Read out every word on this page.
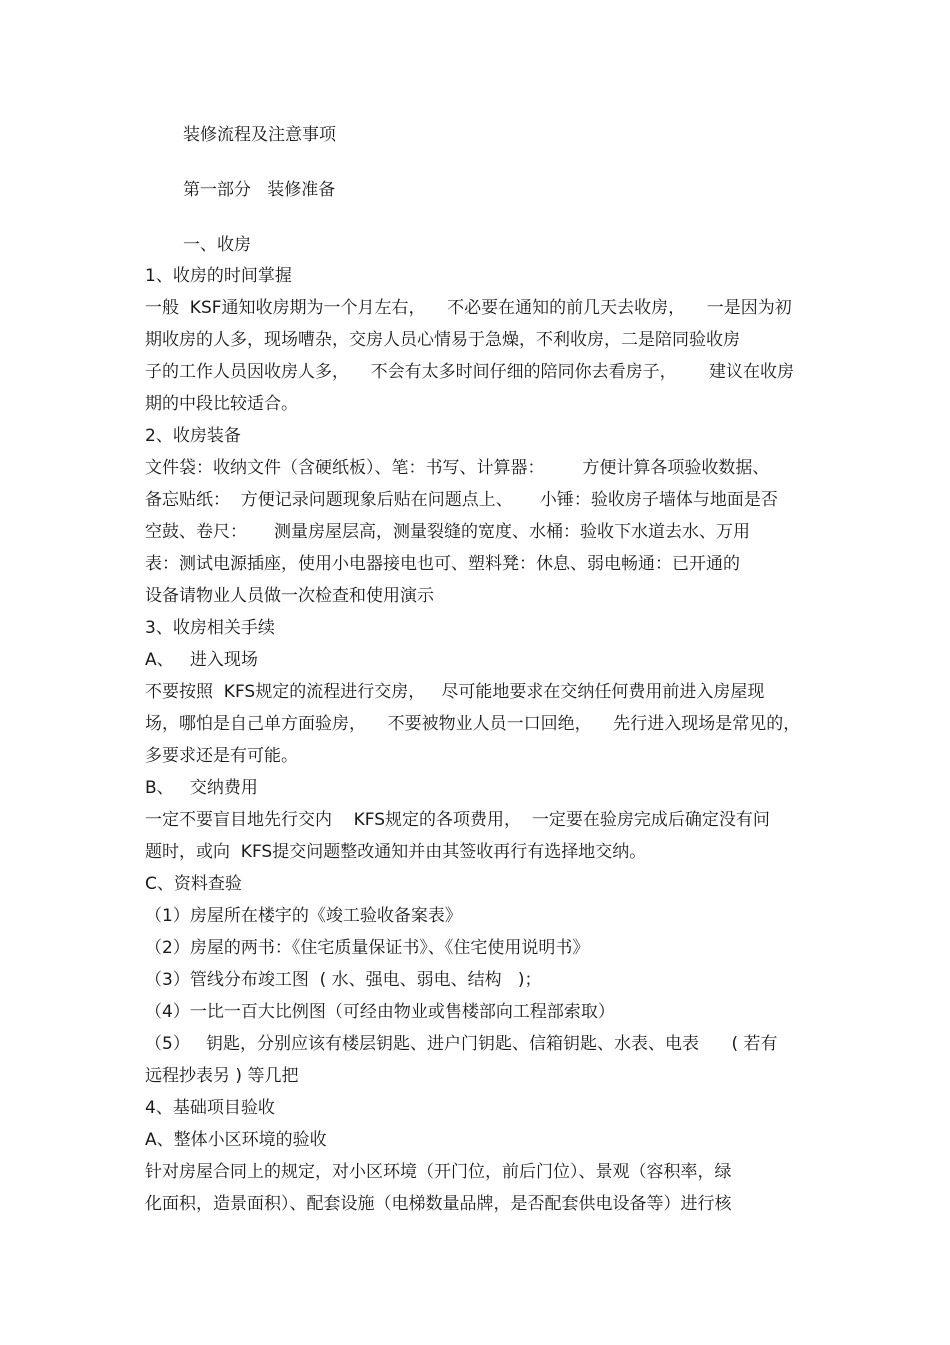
装修流程及注意事项
第一部分   装修准备
一、收房
1、收房的时间掌握
一般  KSF通知收房期为一个月左右，    不必要在通知的前几天去收房，    一是因为初
期收房的人多，现场嘈杂，交房人员心情易于急燥，不利收房，二是陪同验收房
子的工作人员因收房人多，    不会有太多时间仔细的陪同你去看房子，      建议在收房
期的中段比较适合。
2、收房装备
文件袋：收纳文件（含硬纸板）、笔：书写、计算器：       方便计算各项验收数据、
备忘贴纸：  方便记录问题现象后贴在问题点上、     小锤：验收房子墙体与地面是否
空鼓、卷尺：     测量房屋层高，测量裂缝的宽度、水桶：验收下水道去水、万用
表：测试电源插座，使用小电器接电也可、塑料凳：休息、弱电畅通：已开通的
设备请物业人员做一次检查和使用演示
3、收房相关手续
A、   进入现场
不要按照  KFS规定的流程进行交房，   尽可能地要求在交纳任何费用前进入房屋现
场，哪怕是自己单方面验房，    不要被物业人员一口回绝，    先行进入现场是常见的，
多要求还是有可能。
B、   交纳费用
一定不要盲目地先行交内    KFS规定的各项费用，  一定要在验房完成后确定没有问
题时，或向  KFS提交问题整改通知并由其签收再行有选择地交纳。
C、资料查验
（1）房屋所在楼宇的《竣工验收备案表》
（2）房屋的两书：《住宅质量保证书》、《住宅使用说明书》
（3）管线分布竣工图  ( 水、强电、弱电、结构   )；
（4）一比一百大比例图（可经由物业或售楼部向工程部索取）
（5）   钥匙，分别应该有楼层钥匙、进户门钥匙、信箱钥匙、水表、电表      ( 若有
远程抄表另 ) 等几把
4、基础项目验收
A、整体小区环境的验收
针对房屋合同上的规定，对小区环境（开门位，前后门位）、景观（容积率，绿
化面积，造景面积）、配套设施（电梯数量品牌，是否配套供电设备等）进行核
